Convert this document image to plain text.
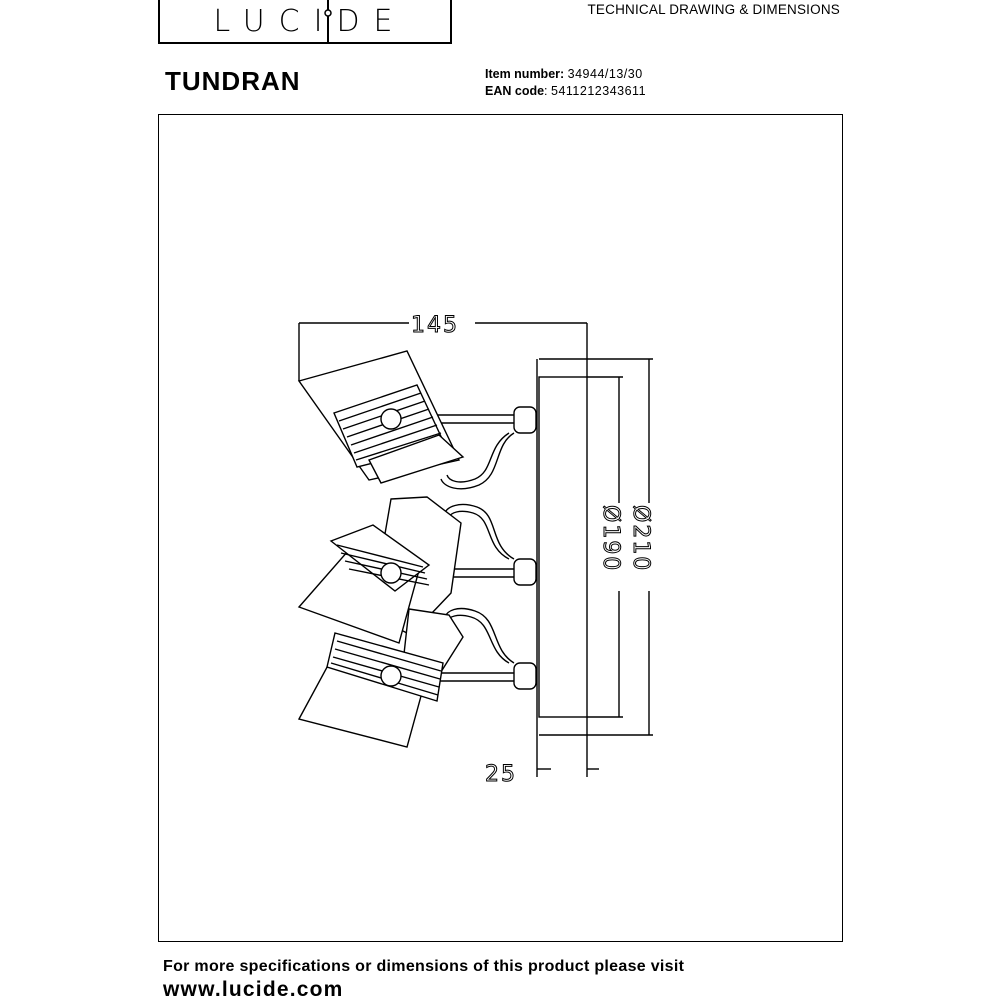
LUCIDE	TECHNICAL DRAWING & DIMENSIONS
TUNDRAN	Item number: 34944/13/30
EAN code: 5411212343611
145
Ø210
Ø190
25
For more specifications or dimensions of this product please visit
www.lucide.com
